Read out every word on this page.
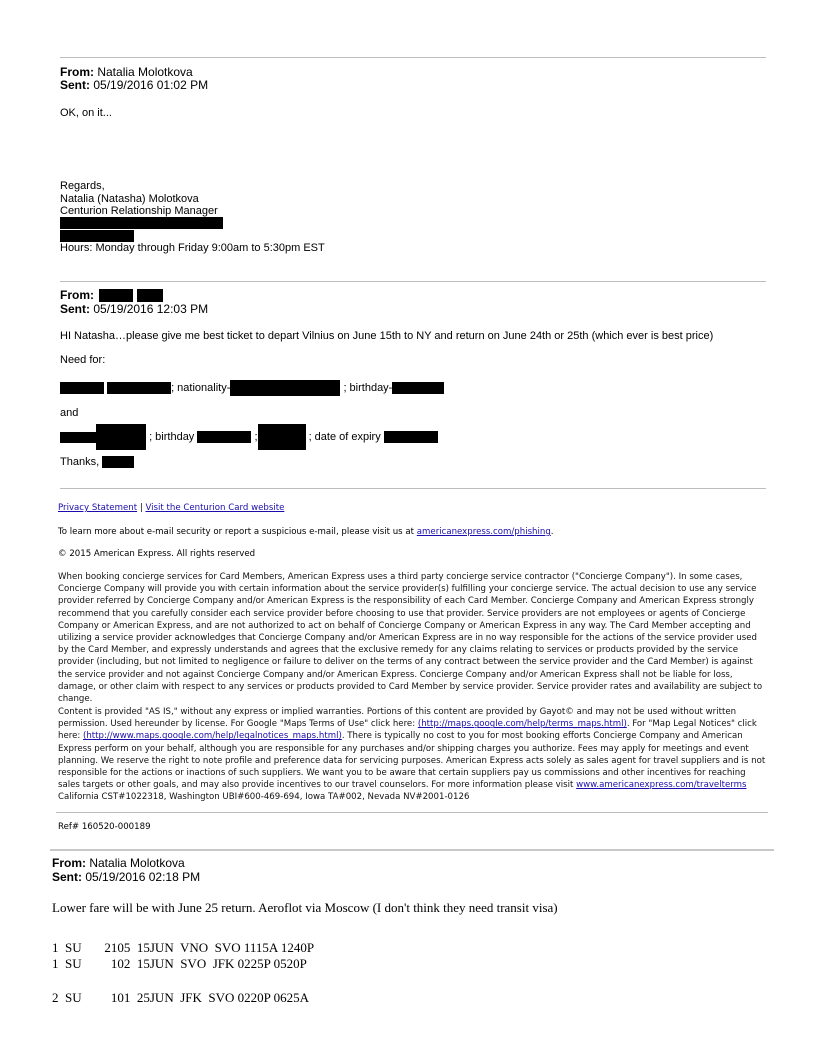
From: Natalia Molotkova
Sent: 05/19/2016 01:02 PM
OK, on it...
Regards,
Natalia (Natasha) Molotkova
Centurion Relationship Manager
Hours: Monday through Friday 9:00am to 5:30pm EST
From:
Sent: 05/19/2016 12:03 PM
HI Natasha…please give me best ticket to depart Vilnius on June 15th to NY and return on June 24th or 25th (which ever is best price)
Need for:
; nationality-	; birthday-
and
; birthday	;	; date of expiry
Thanks,
Privacy Statement | Visit the Centurion Card website
To learn more about e-mail security or report a suspicious e-mail, please visit us at americanexpress.com/phishing.
© 2015 American Express. All rights reserved
When booking concierge services for Card Members, American Express uses a third party concierge service contractor ("Concierge Company"). In some cases, Concierge Company will provide you with certain information about the service provider(s) fulfilling your concierge service. The actual decision to use any service provider referred by Concierge Company and/or American Express is the responsibility of each Card Member. Concierge Company and American Express strongly recommend that you carefully consider each service provider before choosing to use that provider. Service providers are not employees or agents of Concierge Company or American Express, and are not authorized to act on behalf of Concierge Company or American Express in any way. The Card Member accepting and utilizing a service provider acknowledges that Concierge Company and/or American Express are in no way responsible for the actions of the service provider used by the Card Member, and expressly understands and agrees that the exclusive remedy for any claims relating to services or products provided by the service provider (including, but not limited to negligence or failure to deliver on the terms of any contract between the service provider and the Card Member) is against the service provider and not against Concierge Company and/or American Express. Concierge Company and/or American Express shall not be liable for loss, damage, or other claim with respect to any services or products provided to Card Member by service provider. Service provider rates and availability are subject to change.
Content is provided "AS IS," without any express or implied warranties. Portions of this content are provided by Gayot© and may not be used without written permission. Used hereunder by license. For Google "Maps Terms of Use" click here: (http://maps.google.com/help/terms_maps.html). For "Map Legal Notices" click here: (http://www.maps.google.com/help/legalnotices_maps.html). There is typically no cost to you for most booking efforts Concierge Company and American Express perform on your behalf, although you are responsible for any purchases and/or shipping charges you authorize. Fees may apply for meetings and event planning. We reserve the right to note profile and preference data for servicing purposes. American Express acts solely as sales agent for travel suppliers and is not responsible for the actions or inactions of such suppliers. We want you to be aware that certain suppliers pay us commissions and other incentives for reaching sales targets or other goals, and may also provide incentives to our travel counselors. For more information please visit www.americanexpress.com/travelterms California CST#1022318, Washington UBI#600-469-694, Iowa TA#002, Nevada NV#2001-0126
Ref# 160520-000189
From: Natalia Molotkova
Sent: 05/19/2016 02:18 PM
Lower fare will be with June 25 return. Aeroflot via Moscow (I don't think they need transit visa)
1  SU       2105  15JUN  VNO  SVO 1115A 1240P
1  SU         102  15JUN  SVO  JFK 0225P 0520P
2  SU         101  25JUN  JFK  SVO 0220P 0625A
